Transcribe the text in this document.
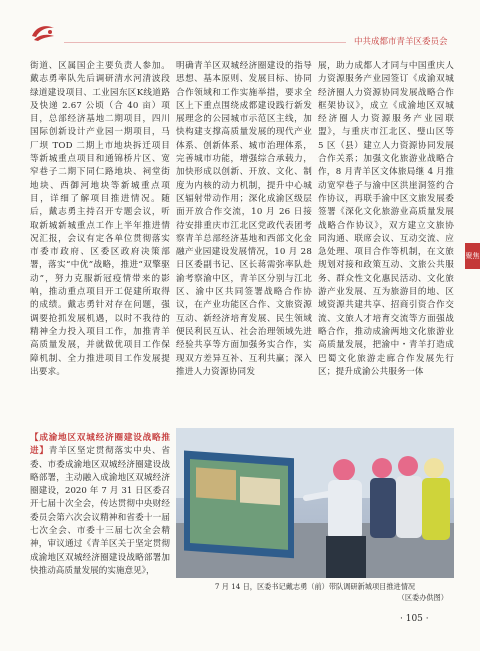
中共成都市青羊区委员会
聚焦

街道、区属国企主要负责人参加。戴志勇率队先后调研清水河清波段绿道建设项目、工业园东区K线道路及快递 2.67 公顷（合 40 亩）项目，总部经济基地二期项目，四川国际创新设计产业园一期项目，马厂坝 TOD 二期上市地块拆迁项目等新城重点项目和通锦桥片区、宽窄巷子二期下同仁路地块、祠堂街地块、西御河地块等新城重点项目，详细了解项目推进情况。随后，戴志勇主持召开专题会议，听取新城新城重点工作上半年推进情况汇报，会议有定各单位贯彻落实市委市政府、区委区政府决策部署，落实“中优”战略，推进“双擎驱动”，努力克服新冠疫情带来的影响，推动重点项目开工促建所取得的成绩。戴志勇针对存在问题，强调要抢抓发展机遇，以时不我待的精神全力投入项目工作，加推青羊高质量发展，并就做优项目工作保障机制、全力推进项目工作发展提出要求。

明确青羊区双城经济圈建设的指导思想、基本原则、发展目标、协同合作领域和工作实施举措，要求全区上下重点围绕成都建设践行新发展理念的公园城市示范区主线，加快构建支撑高质量发展的现代产业体系、创新体系、城市治理体系，完善城市功能，增强综合承载力，加快形成以创新、开放、文化、制度为内核的动力机制，提升中心城区辐射带动作用；深化成渝区级层面开放合作交流，10 月 26 日接待安排重庆市江北区党政代表团考察青羊总部经济基地和西部文化金融产业园建设发展情况，10 月 28 日区委副书记、区长蒋需弥率队赴渝考察渝中区，青羊区分别与江北区、渝中区共同签署战略合作协议，在产业功能区合作、文旅资源互动、新经济培育发展、民生领域便民利民互认、社会治理领域先进经验共享等方面加强务实合作，实现双方差异互补、互利共赢；深入推进人力资源协同发

展，助力成都人才同与中国重庆人力资源服务产业园签订《成渝双城经济圈人力资源协同发展战略合作框架协议》，成立《成渝地区双城经济圈人力资源服务产业园联盟》，与重庆市江北区、璧山区等 5 区（县）建立人力资源协同发展合作关系；加强文化旅游业战略合作，8 月青羊区文体旅局继 4 月推动宽窄巷子与渝中区洪崖洞签约合作协议，再联手渝中区文旅发展委签署《深化文化旅游业高质量发展战略合作协议》，双方建立文旅协同沟通、联席会议、互动交流、应急处理、项目合作等机制，在文旅规划对接和政策互动、文旅公共服务、群众性文化惠民活动、文化旅游产业发展、互为旅游目的地、区域资源共建共享、招商引资合作交流、文旅人才培育交流等方面强战略合作，推动成渝两地文化旅游业高质量发展，把渝中・青羊打造成巴蜀文化旅游走廊合作发展先行区；提升成渝公共服务一体

【成渝地区双城经济圈建设战略推进】青羊区坚定贯彻落实中央、省委、市委成渝地区双城经济圈建设战略部署，主动融入成渝地区双城经济圈建设，2020 年 7 月 31 日区委召开七届十次全会，传达贯彻中央财经委员会第六次会议精神和省委十一届七次全会、市委十三届七次全会精神，审议通过《青羊区关于坚定贯彻成渝地区双城经济圈建设战略部署加快推动高质量发展的实施意见》，

7 月 14 日，区委书记戴志勇（前）带队调研新城项目推进情况
（区委办供图）
· 105 ·
